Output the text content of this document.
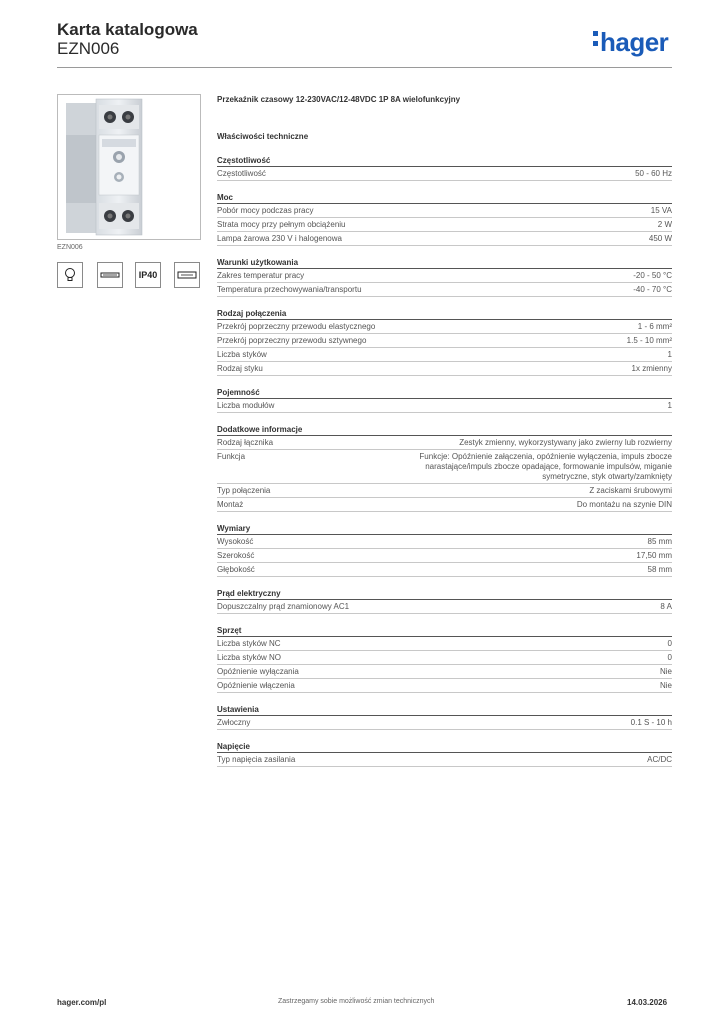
Karta katalogowa
EZN006	hager
EZN006
IP40
Przekaźnik czasowy 12-230VAC/12-48VDC 1P 8A wielofunkcyjny
Właściwości techniczne
Częstotliwość
Częstotliwość	50 - 60 Hz
Moc
Pobór mocy podczas pracy	15 VA
Strata mocy przy pełnym obciążeniu	2 W
Lampa żarowa 230 V i halogenowa	450 W
Warunki użytkowania
Zakres temperatur pracy	-20 - 50 °C
Temperatura przechowywania/transportu	-40 - 70 °C
Rodzaj połączenia
Przekrój poprzeczny przewodu elastycznego	1 - 6 mm²
Przekrój poprzeczny przewodu sztywnego	1.5 - 10 mm²
Liczba styków	1
Rodzaj styku	1x zmienny
Pojemność
Liczba modułów	1
Dodatkowe informacje
Rodzaj łącznika	Zestyk zmienny, wykorzystywany jako zwierny lub rozwierny
Funkcja	Funkcje: Opóźnienie załączenia, opóźnienie wyłączenia, impuls zbocze narastające/impuls zbocze opadające, formowanie impulsów, miganie symetryczne, styk otwarty/zamknięty
Typ połączenia	Z zaciskami śrubowymi
Montaż	Do montażu na szynie DIN
Wymiary
Wysokość	85 mm
Szerokość	17,50 mm
Głębokość	58 mm
Prąd elektryczny
Dopuszczalny prąd znamionowy AC1	8 A
Sprzęt
Liczba styków NC	0
Liczba styków NO	0
Opóźnienie wyłączania	Nie
Opóźnienie włączenia	Nie
Ustawienia
Zwłoczny	0.1 S - 10 h
Napięcie
Typ napięcia zasilania	AC/DC
hager.com/pl	Zastrzegamy sobie możliwość zmian technicznych	14.03.2026
